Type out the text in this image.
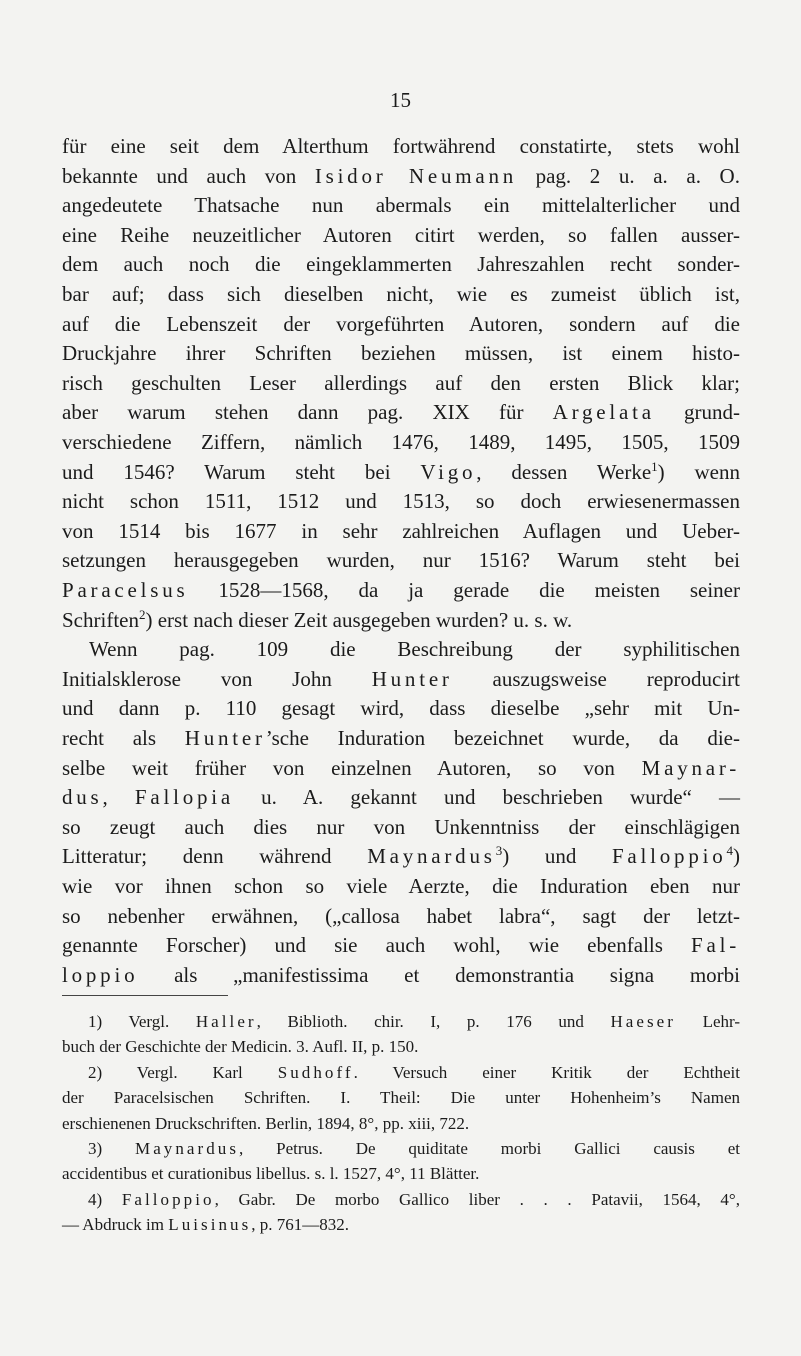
15
für eine seit dem Alterthum fortwährend constatirte, stets wohl
bekannte und auch von Isidor Neumann pag. 2 u. a. a. O.
angedeutete Thatsache nun abermals ein mittelalterlicher und
eine Reihe neuzeitlicher Autoren citirt werden, so fallen ausser-
dem auch noch die eingeklammerten Jahreszahlen recht sonder-
bar auf; dass sich dieselben nicht, wie es zumeist üblich ist,
auf die Lebenszeit der vorgeführten Autoren, sondern auf die
Druckjahre ihrer Schriften beziehen müssen, ist einem histo-
risch geschulten Leser allerdings auf den ersten Blick klar;
aber warum stehen dann pag. XIX für Argelata grund-
verschiedene Ziffern, nämlich 1476, 1489, 1495, 1505, 1509
und 1546? Warum steht bei Vigo, dessen Werke$^1$) wenn
nicht schon 1511, 1512 und 1513, so doch erwiesenermassen
von 1514 bis 1677 in sehr zahlreichen Auflagen und Ueber-
setzungen herausgegeben wurden, nur 1516? Warum steht bei
Paracelsus 1528—1568, da ja gerade die meisten seiner
Schriften$^2$) erst nach dieser Zeit ausgegeben wurden? u. s. w.
Wenn pag. 109 die Beschreibung der syphilitischen
Initialsklerose von John Hunter auszugsweise reproducirt
und dann p. 110 gesagt wird, dass dieselbe „sehr mit Un-
recht als Hunter’sche Induration bezeichnet wurde, da die-
selbe weit früher von einzelnen Autoren, so von Maynar-
dus, Fallopia u. A. gekannt und beschrieben wurde“ —
so zeugt auch dies nur von Unkenntniss der einschlägigen
Litteratur; denn während Maynardus$^3$) und Falloppio$^4$)
wie vor ihnen schon so viele Aerzte, die Induration eben nur
so nebenher erwähnen, („callosa habet labra“, sagt der letzt-
genannte Forscher) und sie auch wohl, wie ebenfalls Fal-
loppio als „manifestissima et demonstrantia signa morbi
1) Vergl. Haller, Biblioth. chir. I, p. 176 und Haeser Lehr-
buch der Geschichte der Medicin. 3. Aufl. II, p. 150.
2) Vergl. Karl Sudhoff. Versuch einer Kritik der Echtheit
der Paracelsischen Schriften. I. Theil: Die unter Hohenheim’s Namen
erschienenen Druckschriften. Berlin, 1894, 8°, pp. xiii, 722.
3) Maynardus, Petrus. De quiditate morbi Gallici causis et
accidentibus et curationibus libellus. s. l. 1527, 4°, 11 Blätter.
4) Falloppio, Gabr. De morbo Gallico liber . . . Patavii, 1564, 4°,
— Abdruck im Luisinus, p. 761—832.
